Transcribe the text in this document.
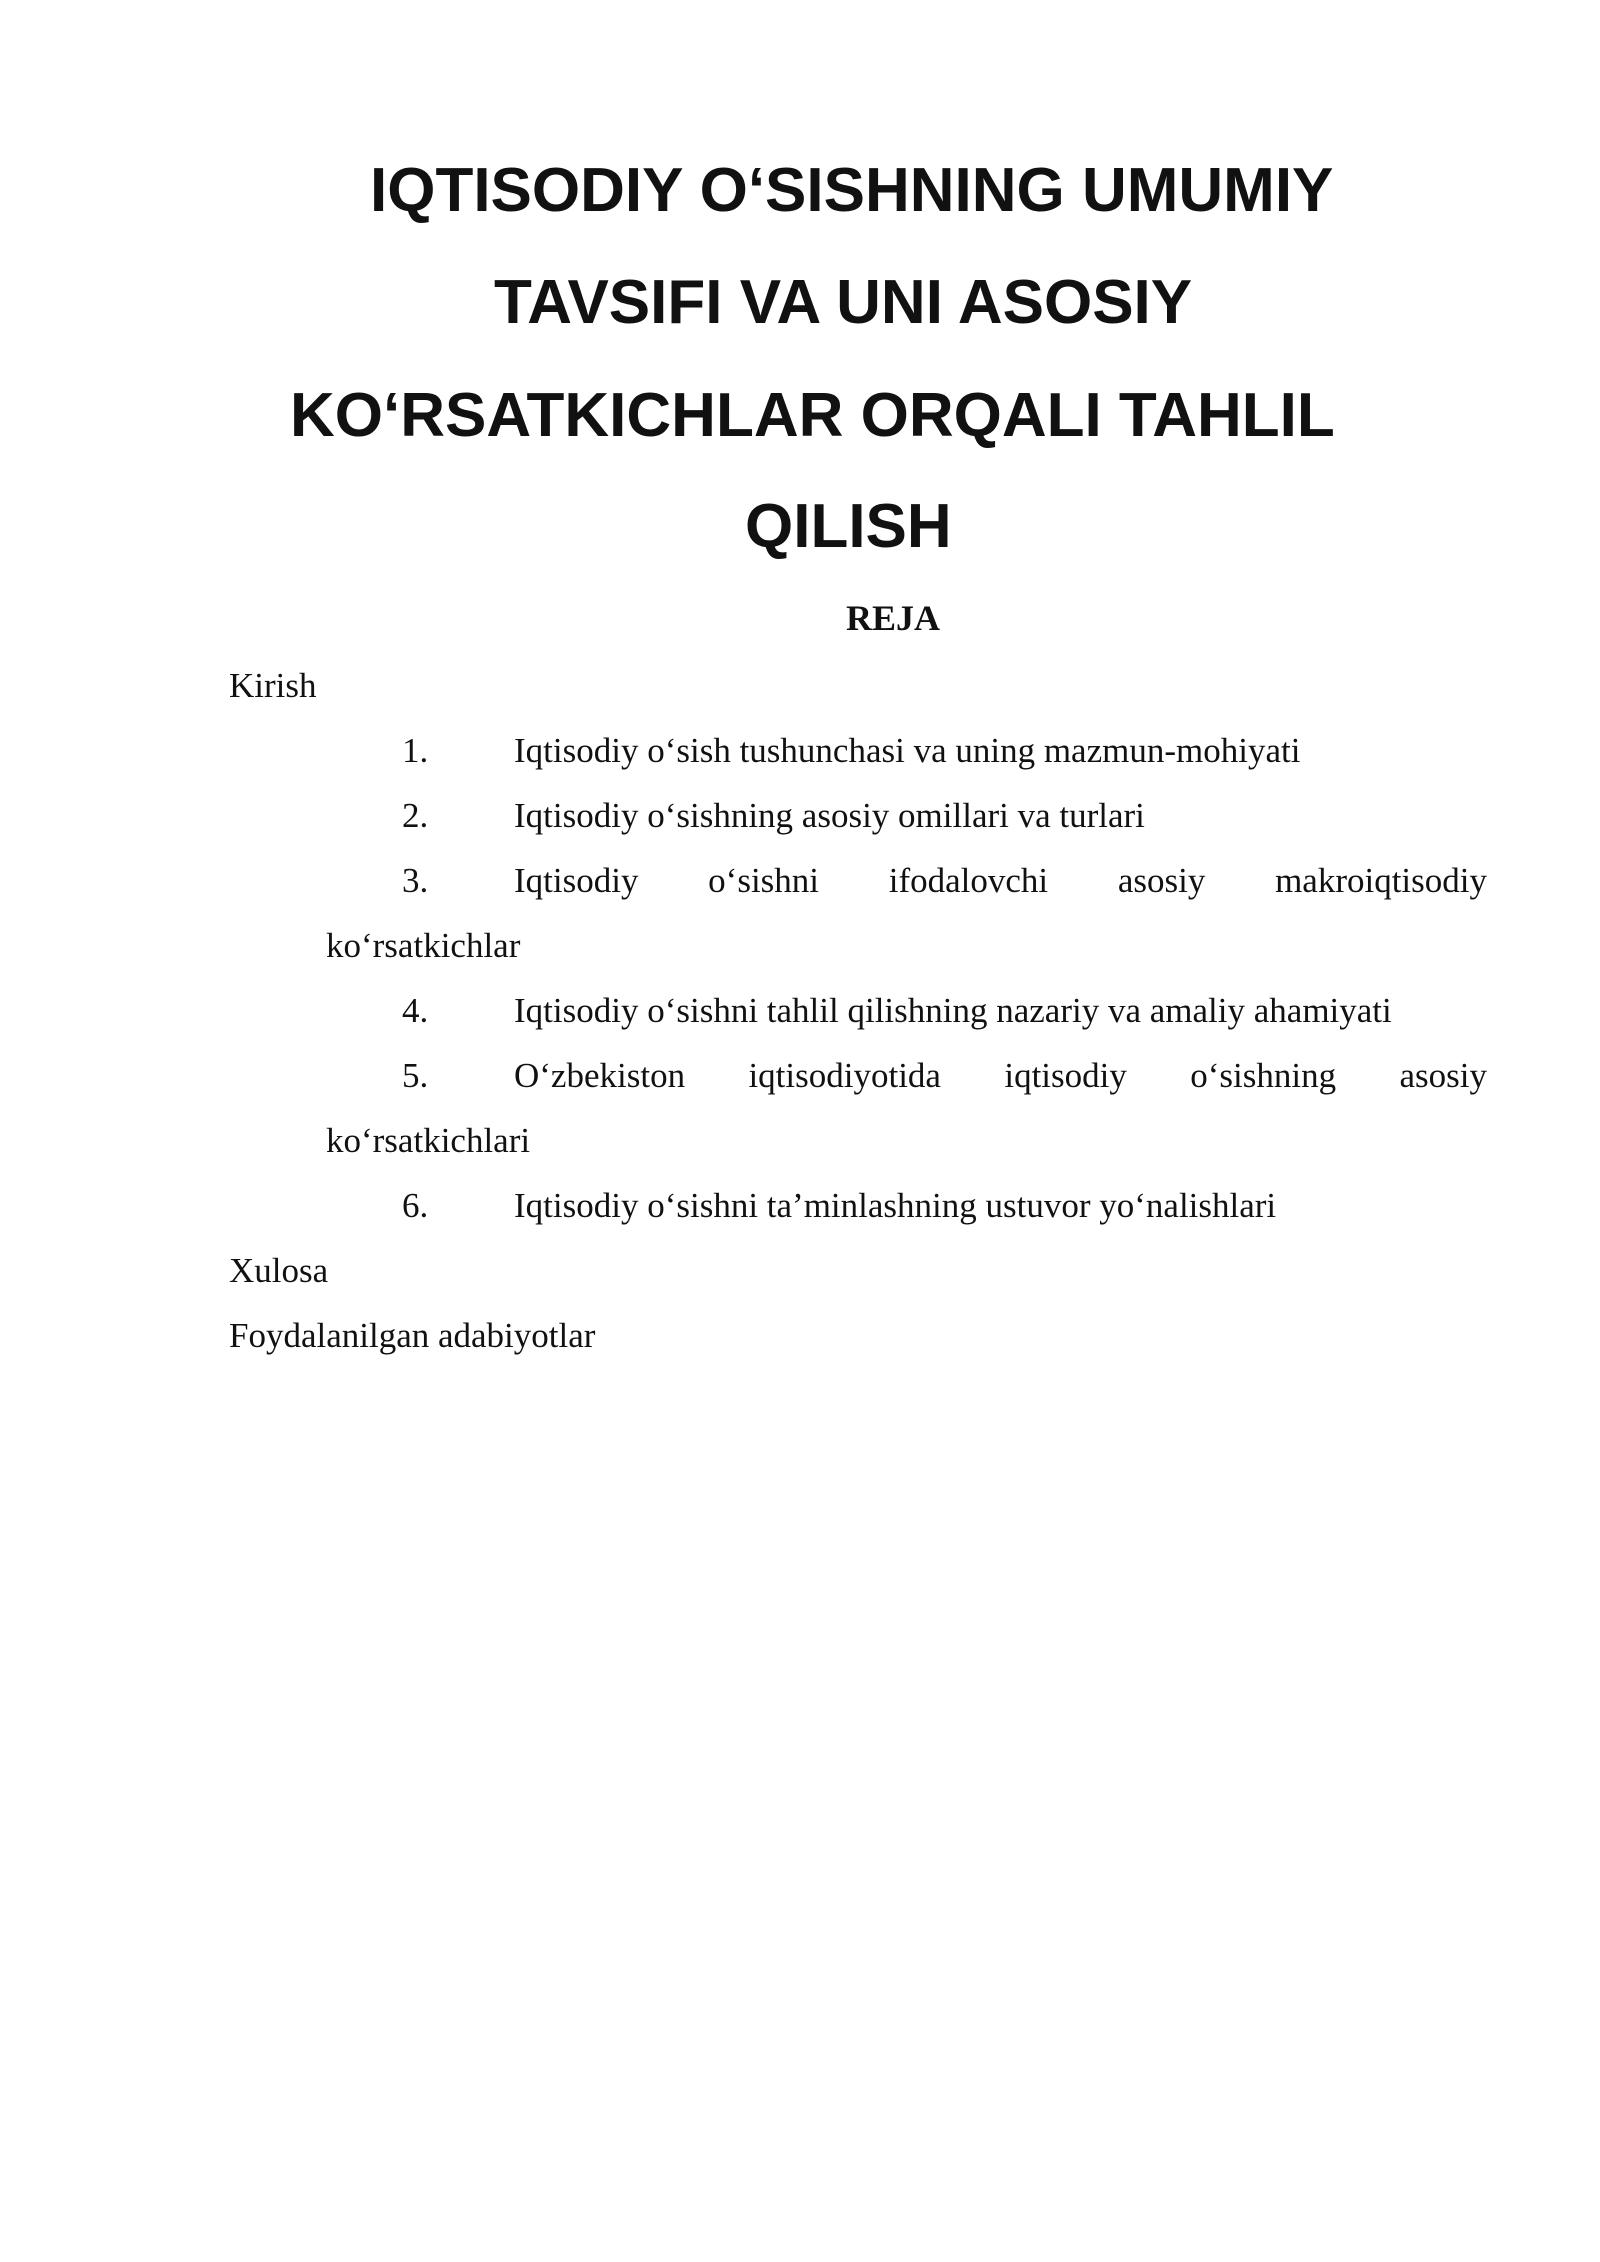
IQTISODIY O‘SISHNING UMUMIY
TAVSIFI VA UNI ASOSIY
KO‘RSATKICHLAR ORQALI TAHLIL
QILISH
REJA
Kirish
1. Iqtisodiy o‘sish tushunchasi va uning mazmun-mohiyati
2. Iqtisodiy o‘sishning asosiy omillari va turlari
3. Iqtisodiy o‘sishni ifodalovchi asosiy makroiqtisodiy
ko‘rsatkichlar
4. Iqtisodiy o‘sishni tahlil qilishning nazariy va amaliy ahamiyati
5. O‘zbekiston iqtisodiyotida iqtisodiy o‘sishning asosiy
ko‘rsatkichlari
6. Iqtisodiy o‘sishni ta’minlashning ustuvor yo‘nalishlari
Xulosa
Foydalanilgan adabiyotlar
